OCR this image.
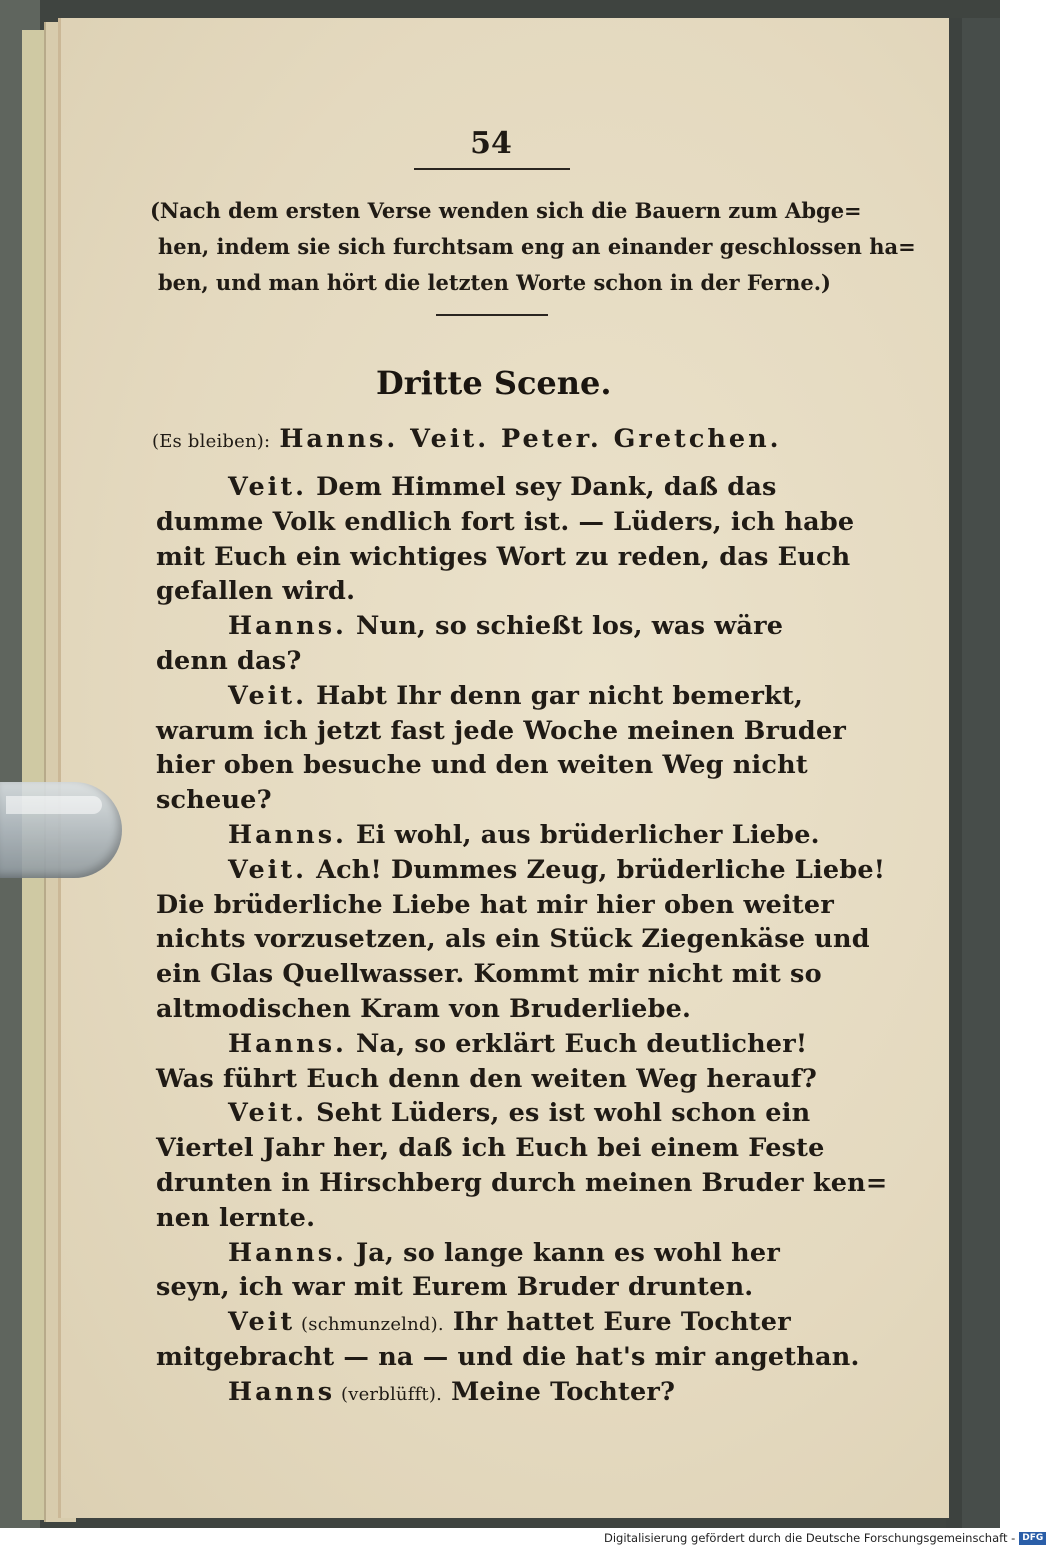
54
(Nach dem ersten Verse wenden sich die Bauern zum Abge=
hen, indem sie sich furchtsam eng an einander geschlossen ha=
ben, und man hört die letzten Worte schon in der Ferne.)
Dritte Scene.
(Es bleiben): Hanns. Veit. Peter. Gretchen.
Veit. Dem Himmel sey Dank, daß das
dumme Volk endlich fort ist. — Lüders, ich habe
mit Euch ein wichtiges Wort zu reden, das Euch
gefallen wird.
Hanns. Nun, so schießt los, was wäre
denn das?
Veit. Habt Ihr denn gar nicht bemerkt,
warum ich jetzt fast jede Woche meinen Bruder
hier oben besuche und den weiten Weg nicht
scheue?
Hanns. Ei wohl, aus brüderlicher Liebe.
Veit. Ach! Dummes Zeug, brüderliche Liebe!
Die brüderliche Liebe hat mir hier oben weiter
nichts vorzusetzen, als ein Stück Ziegenkäse und
ein Glas Quellwasser. Kommt mir nicht mit so
altmodischen Kram von Bruderliebe.
Hanns. Na, so erklärt Euch deutlicher!
Was führt Euch denn den weiten Weg herauf?
Veit. Seht Lüders, es ist wohl schon ein
Viertel Jahr her, daß ich Euch bei einem Feste
drunten in Hirschberg durch meinen Bruder ken=
nen lernte.
Hanns. Ja, so lange kann es wohl her
seyn, ich war mit Eurem Bruder drunten.
Veit (schmunzelnd). Ihr hattet Eure Tochter
mitgebracht — na — und die hat's mir angethan.
Hanns (verblüfft). Meine Tochter?
Digitalisierung gefördert durch die Deutsche Forschungsgemeinschaft - DFG
